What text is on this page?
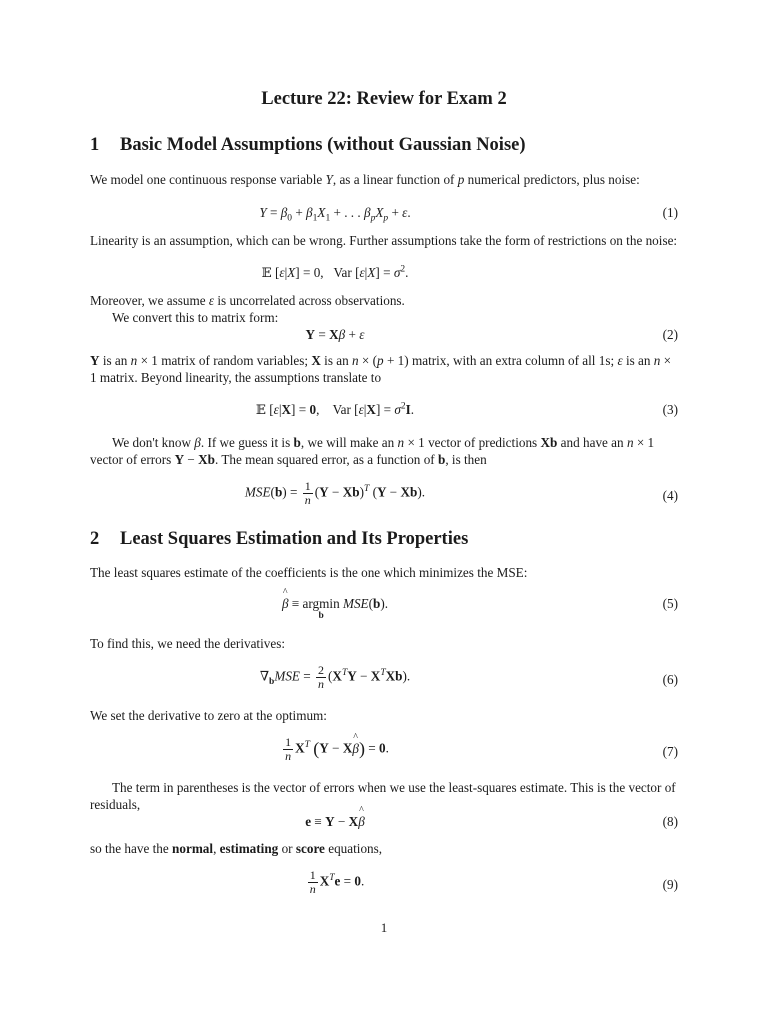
Lecture 22: Review for Exam 2
1 Basic Model Assumptions (without Gaussian Noise)
We model one continuous response variable Y, as a linear function of p numerical predictors, plus noise:
$Y = \beta_0 + \beta_1X_1$ + . . . $\beta_pX_p + \varepsilon$.	(1)
Linearity is an assumption, which can be wrong. Further assumptions take the form of restrictions on the noise:
𝔼 [ε|X] = 0,   Var $[\varepsilon|X] = \sigma^2$.
Moreover, we assume ε is uncorrelated across observations.
We convert this to matrix form:
Y = Xβ + ε	(2)
Y is an n × 1 matrix of random variables; X is an n × (p + 1) matrix, with an extra column of all 1s; ε is an n × 1 matrix. Beyond linearity, the assumptions translate to
𝔼 [ε|X] = 0,    Var $[\varepsilon|X] = \sigma^2I$.	(3)
We don't know β. If we guess it is b, we will make an n × 1 vector of predictions Xb and have an n × 1 vector of errors Y − Xb. The mean squared error, as a function of b, is then
$MSE(b) = \frac{1}{n} (Y - Xb)^T$ (Y − Xb).	(4)
2 Least Squares Estimation and Its Properties
The least squares estimate of the coefficients is the one which minimizes the MSE:
^ β ≡ argmin
b
MSE(b).	(5)
To find this, we need the derivatives:
$\nabla_bMSE = \frac{2}{n} (X^TY - X^TXb)$.	(6)
We set the derivative to zero at the optimum:
$\frac{1}{n} X^T$ (Y − X^ β) = 0.	(7)
The term in parentheses is the vector of errors when we use the least-squares estimate. This is the vector of residuals,
e ≡ Y − X^ β	(8)
so the have the normal, estimating or score equations,
$\frac{1}{n} X^Te = 0$.	(9)
1
